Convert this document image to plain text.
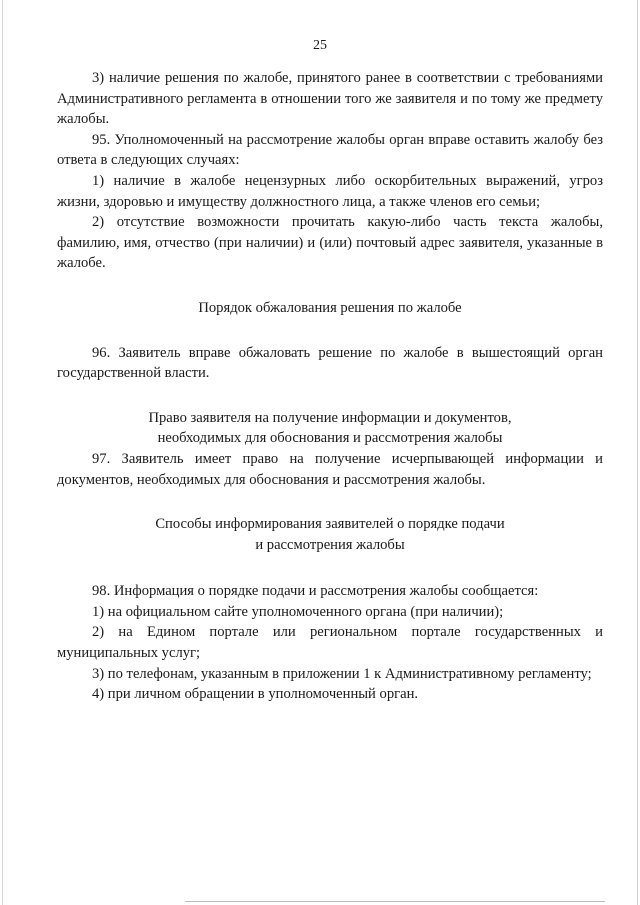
25

3) наличие решения по жалобе, принятого ранее в соответствии с требованиями Административного регламента в отношении того же заявителя и по тому же предмету жалобы.

95. Уполномоченный на рассмотрение жалобы орган вправе оставить жалобу без ответа в следующих случаях:

1) наличие в жалобе нецензурных либо оскорбительных выражений, угроз жизни, здоровью и имуществу должностного лица, а также членов его семьи;

2) отсутствие возможности прочитать какую-либо часть текста жалобы, фамилию, имя, отчество (при наличии) и (или) почтовый адрес заявителя, указанные в жалобе.

Порядок обжалования решения по жалобе

96. Заявитель вправе обжаловать решение по жалобе в вышестоящий орган государственной власти.

Право заявителя на получение информации и документов,

необходимых для обоснования и рассмотрения жалобы

97. Заявитель имеет право на получение исчерпывающей информации и документов, необходимых для обоснования и рассмотрения жалобы.

Способы информирования заявителей о порядке подачи

и рассмотрения жалобы

98. Информация о порядке подачи и рассмотрения жалобы сообщается:

1) на официальном сайте уполномоченного органа (при наличии);

2) на Едином портале или региональном портале государственных и муниципальных услуг;

3) по телефонам, указанным в приложении 1 к Административному регламенту;

4) при личном обращении в уполномоченный орган.
